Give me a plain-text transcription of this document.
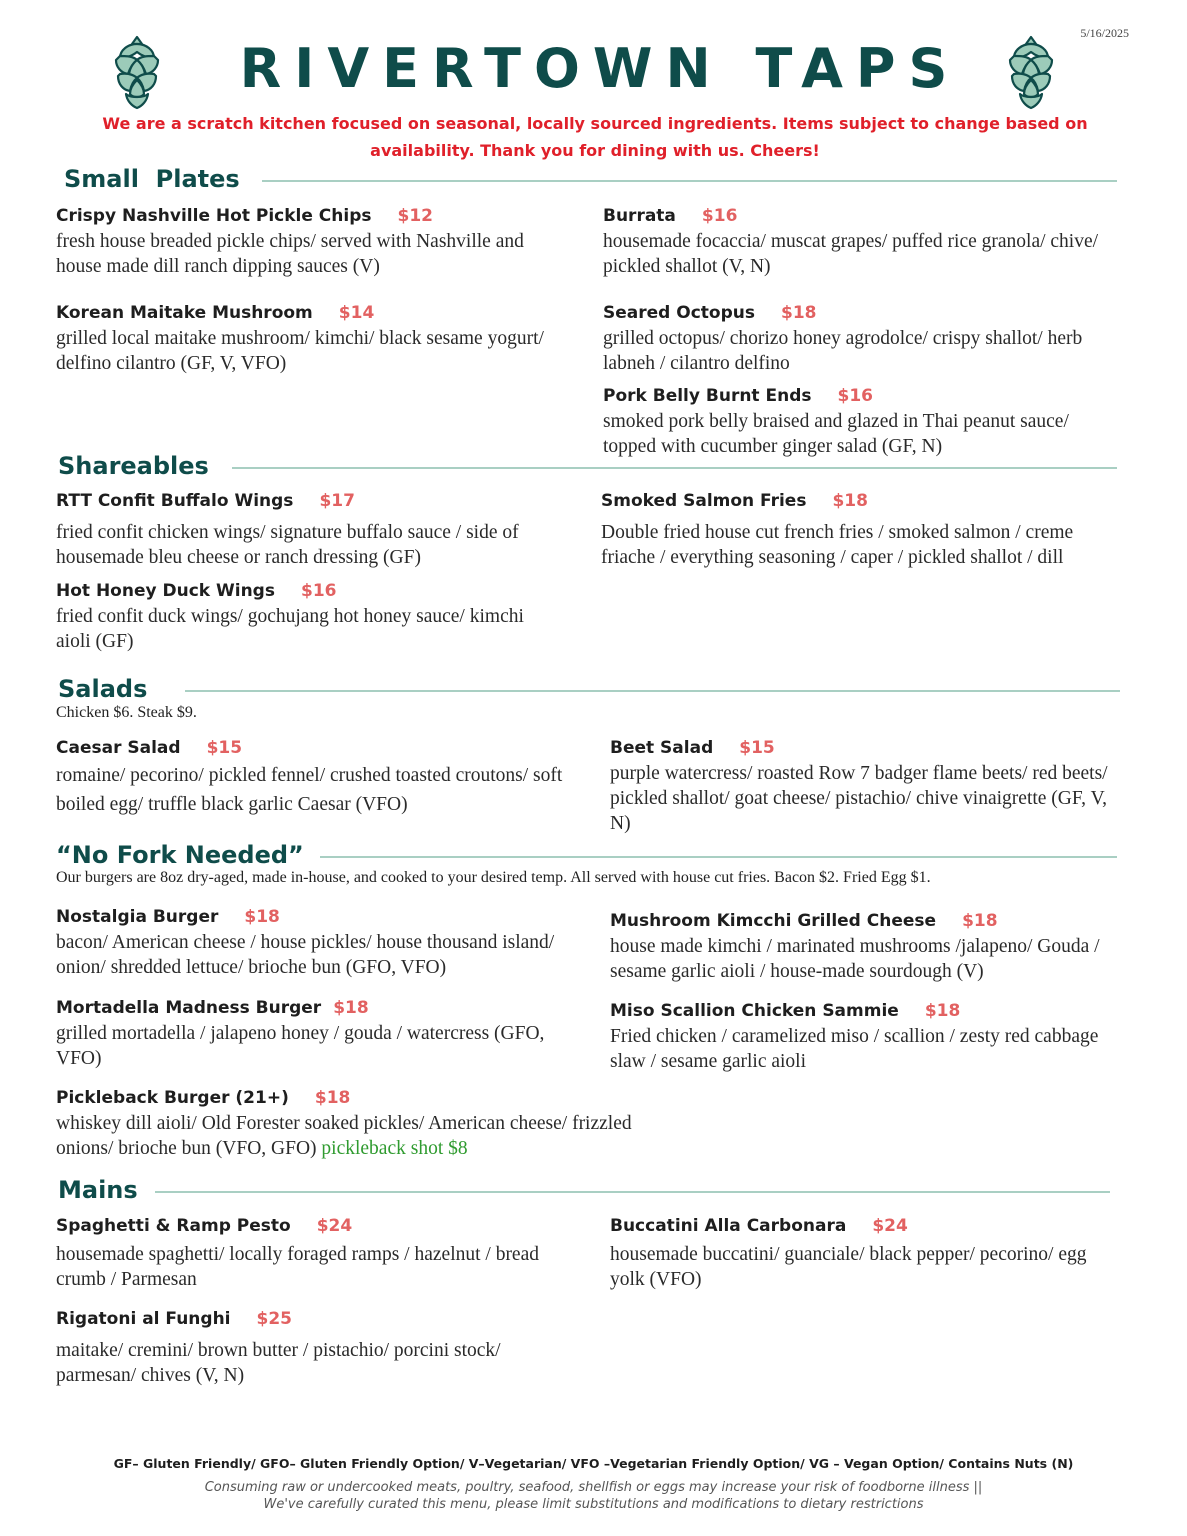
5/16/2025
RIVERTOWN TAPS
We are a scratch kitchen focused on seasonal, locally sourced ingredients. Items subject to change based on
availability. Thank you for dining with us. Cheers!
Small  Plates
Crispy Nashville Hot Pickle Chips $12
fresh house breaded pickle chips/ served with Nashville and house made dill ranch dipping sauces (V)
Korean Maitake Mushroom $14
grilled local maitake mushroom/ kimchi/ black sesame yogurt/ delfino cilantro (GF, V, VFO)
Burrata $16
housemade focaccia/ muscat grapes/ puffed rice granola/ chive/ pickled shallot (V, N)
Seared Octopus $18
grilled octopus/ chorizo honey agrodolce/ crispy shallot/ herb labneh / cilantro delfino
Pork Belly Burnt Ends $16
smoked pork belly braised and glazed in Thai peanut sauce/ topped with cucumber ginger salad (GF, N)
Shareables
RTT Confit Buffalo Wings $17
fried confit chicken wings/ signature buffalo sauce / side of housemade bleu cheese or ranch dressing (GF)
Hot Honey Duck Wings $16
fried confit duck wings/ gochujang hot honey sauce/ kimchi aioli (GF)
Smoked Salmon Fries $18
Double fried house cut french fries / smoked salmon / creme friache / everything seasoning / caper / pickled shallot / dill
Salads
Chicken $6. Steak $9.
Caesar Salad $15
romaine/ pecorino/ pickled fennel/ crushed toasted croutons/ soft boiled egg/ truffle black garlic Caesar (VFO)
Beet Salad $15
purple watercress/ roasted Row 7 badger flame beets/ red beets/ pickled shallot/ goat cheese/ pistachio/ chive vinaigrette (GF, V, N)
“No Fork Needed”
Our burgers are 8oz dry-aged, made in-house, and cooked to your desired temp. All served with house cut fries. Bacon $2. Fried Egg $1.
Nostalgia Burger $18
bacon/ American cheese / house pickles/ house thousand island/ onion/ shredded lettuce/ brioche bun (GFO, VFO)
Mortadella Madness Burger $18
grilled mortadella / jalapeno honey / gouda / watercress (GFO, VFO)
Pickleback Burger (21+) $18
whiskey dill aioli/ Old Forester soaked pickles/ American cheese/ frizzled onions/ brioche bun (VFO, GFO) pickleback shot $8
Mushroom Kimcchi Grilled Cheese $18
house made kimchi / marinated mushrooms /jalapeno/ Gouda / sesame garlic aioli / house-made sourdough (V)
Miso Scallion Chicken Sammie $18
Fried chicken / caramelized miso / scallion / zesty red cabbage slaw / sesame garlic aioli
Mains
Spaghetti & Ramp Pesto $24
housemade spaghetti/ locally foraged ramps / hazelnut / bread crumb / Parmesan
Rigatoni al Funghi $25
maitake/ cremini/ brown butter / pistachio/ porcini stock/ parmesan/ chives (V, N)
Buccatini Alla Carbonara $24
housemade buccatini/ guanciale/ black pepper/ pecorino/ egg yolk (VFO)
GF– Gluten Friendly/ GFO– Gluten Friendly Option/ V–Vegetarian/ VFO –Vegetarian Friendly Option/ VG – Vegan Option/ Contains Nuts (N)
Consuming raw or undercooked meats, poultry, seafood, shellfish or eggs may increase your risk of foodborne illness ||
We've carefully curated this menu, please limit substitutions and modifications to dietary restrictions
